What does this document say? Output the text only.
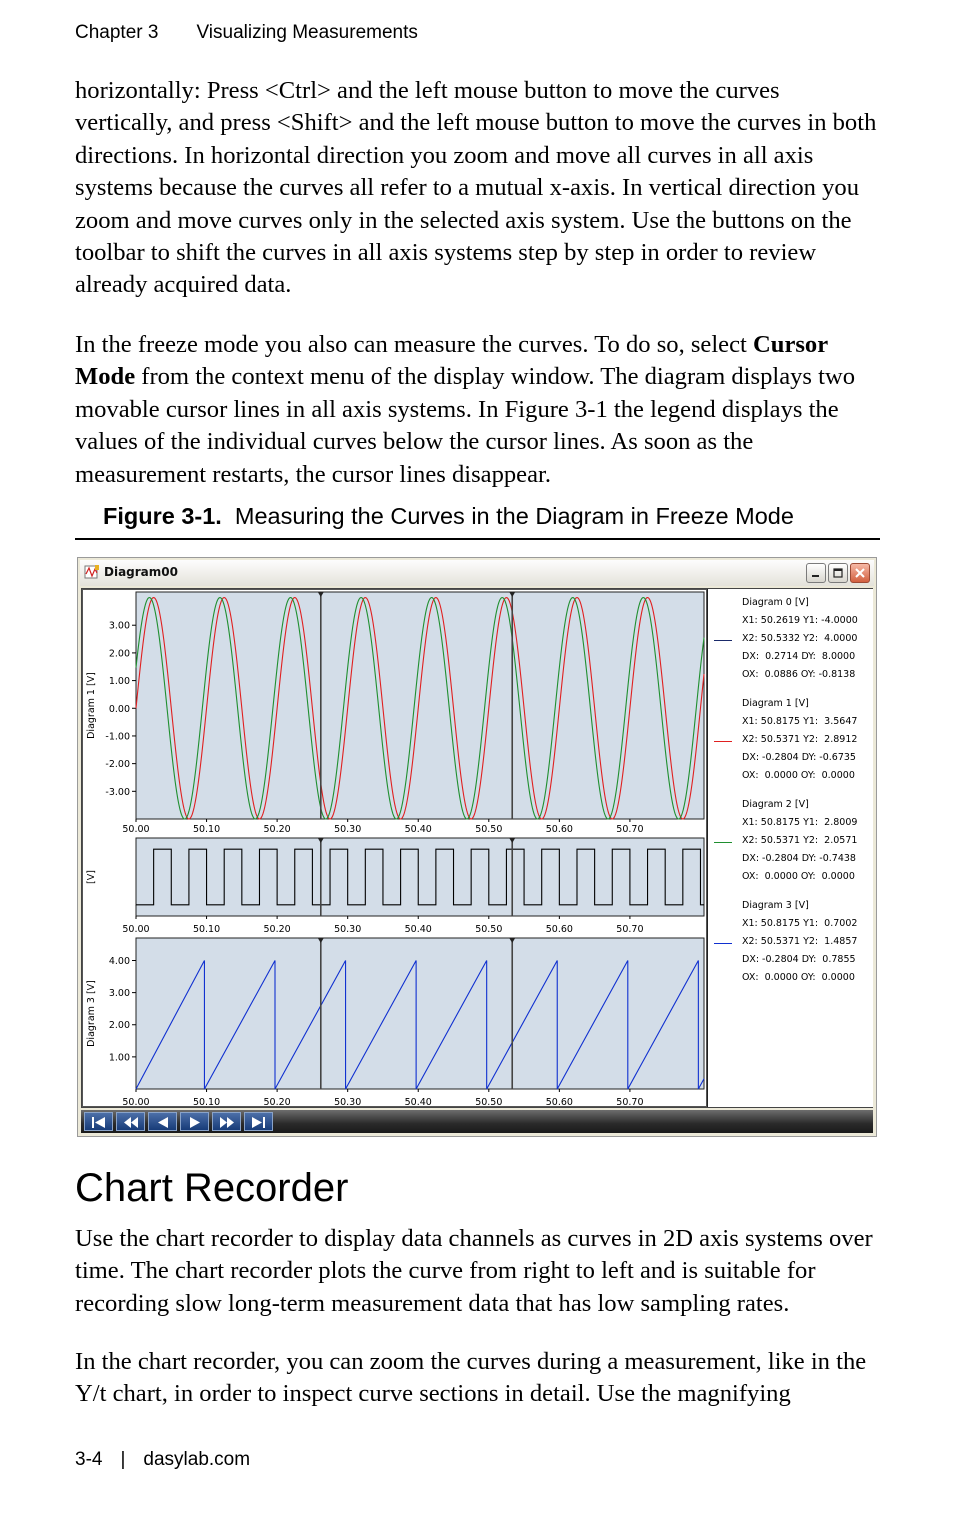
Chapter 3 Visualizing Measurements

horizontally: Press <Ctrl> and the left mouse button to move the curves vertically, and press <Shift> and the left mouse button to move the curves in both directions. In horizontal direction you zoom and move all curves in all axis systems because the curves all refer to a mutual x-axis. In vertical direction you zoom and move curves only in the selected axis system. Use the buttons on the toolbar to shift the curves in all axis systems step by step in order to review already acquired data.

In the freeze mode you also can measure the curves. To do so, select Cursor Mode from the context menu of the display window. The diagram displays two movable cursor lines in all axis systems. In Figure 3-1 the legend displays the values of the individual curves below the cursor lines. As soon as the measurement restarts, the cursor lines disappear.

Figure 3-1. Measuring the Curves in the Diagram in Freeze Mode
Diagram00
Diagram 1 [V]
3.00
2.00
1.00
0.00
-1.00
-2.00
-3.00
50.00	50.10	50.20	50.30	50.40	50.50	50.60	50.70
[V]
50.00	50.10	50.20	50.30	50.40	50.50	50.60	50.70
Diagram 3 [V]
4.00
3.00
2.00
1.00
50.00	50.10	50.20	50.30	50.40	50.50	50.60	50.70
Diagram 0 [V]
X1: 50.2619 Y1: -4.0000
X2: 50.5332 Y2:  4.0000
DX:  0.2714 DY:  8.0000
OX:  0.0886 OY: -0.8138
Diagram 1 [V]
X1: 50.8175 Y1:  3.5647
X2: 50.5371 Y2:  2.8912
DX: -0.2804 DY: -0.6735
OX:  0.0000 OY:  0.0000
Diagram 2 [V]
X1: 50.8175 Y1:  2.8009
X2: 50.5371 Y2:  2.0571
DX: -0.2804 DY: -0.7438
OX:  0.0000 OY:  0.0000
Diagram 3 [V]
X1: 50.8175 Y1:  0.7002
X2: 50.5371 Y2:  1.4857
DX: -0.2804 DY:  0.7855
OX:  0.0000 OY:  0.0000
Chart Recorder

Use the chart recorder to display data channels as curves in 2D axis systems over time. The chart recorder plots the curve from right to left and is suitable for recording slow long-term measurement data that has low sampling rates.

In the chart recorder, you can zoom the curves during a measurement, like in the Y/t chart, in order to inspect curve sections in detail. Use the magnifying

3-4 | dasylab.com
